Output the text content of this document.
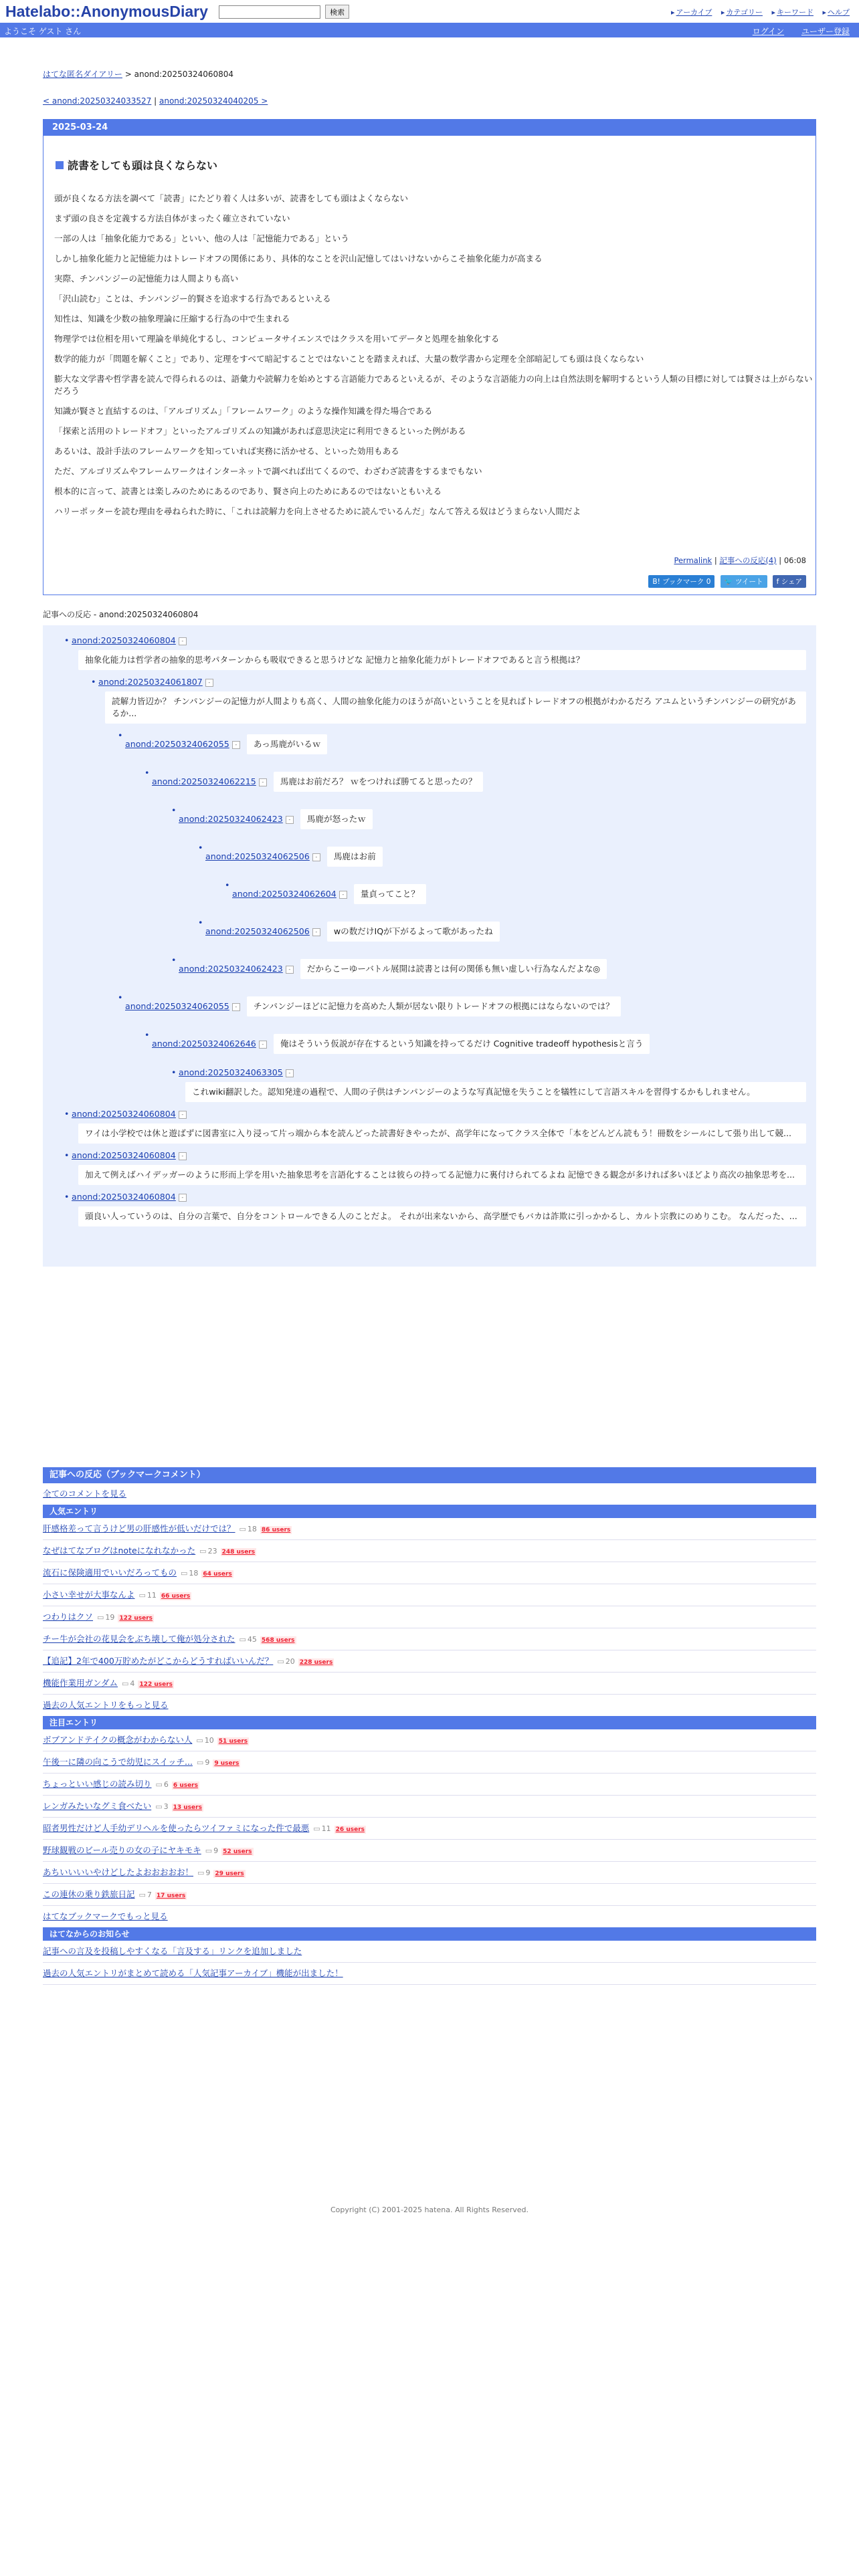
Hatelabo::AnonymousDiary	検索	▸ アーカイブ ▸ カテゴリー ▸ キーワード ▸ ヘルプ
ようこそ ゲスト さん	ログイン ユーザー登録
はてな匿名ダイアリー > anond:20250324060804
< anond:20250324033527 | anond:20250324040205 >
2025-03-24
読書をしても頭は良くならない

頭が良くなる方法を調べて「読書」にたどり着く人は多いが、読書をしても頭はよくならない

まず頭の良さを定義する方法自体がまったく確立されていない

一部の人は「抽象化能力である」といい、他の人は「記憶能力である」という

しかし抽象化能力と記憶能力はトレードオフの関係にあり、具体的なことを沢山記憶してはいけないからこそ抽象化能力が高まる

実際、チンパンジーの記憶能力は人間よりも高い

「沢山読む」ことは、チンパンジー的賢さを追求する行為であるといえる

知性は、知識を少数の抽象理論に圧縮する行為の中で生まれる

物理学では位相を用いて理論を単純化するし、コンピュータサイエンスではクラスを用いてデータと処理を抽象化する

数学的能力が「問題を解くこと」であり、定理をすべて暗記することではないことを踏まえれば、大量の数学書から定理を全部暗記しても頭は良くならない

膨大な文学書や哲学書を読んで得られるのは、語彙力や読解力を始めとする言語能力であるといえるが、そのような言語能力の向上は自然法則を解明するという人類の目標に対しては賢さは上がらないだろう

知識が賢さと直結するのは、「アルゴリズム」「フレームワーク」のような操作知識を得た場合である

「探索と活用のトレードオフ」といったアルゴリズムの知識があれば意思決定に利用できるといった例がある

あるいは、設計手法のフレームワークを知っていれば実務に活かせる、といった効用もある

ただ、アルゴリズムやフレームワークはインターネットで調べれば出てくるので、わざわざ読書をするまでもない

根本的に言って、読書とは楽しみのためにあるのであり、賢さ向上のためにあるのではないともいえる

ハリーポッターを読む理由を尋ねられた時に、「これは読解力を向上させるために読んでいるんだ」なんて答える奴はどうまらない人間だよ

Permalink | 記事への反応(4) | 06:08
B! ブックマーク 0 🐦 ツイート f シェア
記事への反応 - anond:20250324060804
• anond:20250324060804 -
抽象化能力は哲学者の抽象的思考パターンからも吸収できると思うけどな 記憶力と抽象化能力がトレードオフであると言う根拠は？
• anond:20250324061807 -
読解力皆辺か？ チンパンジーの記憶力が人間よりも高く、人間の抽象化能力のほうが高いということを見ればトレードオフの根拠がわかるだろ アユムというチンパンジーの研究があるか...
• anond:20250324062055 - あっ馬鹿がいるｗ
• anond:20250324062215 - 馬鹿はお前だろ？ ｗをつければ勝てると思ったの？
• anond:20250324062423 - 馬鹿が怒ったｗ
• anond:20250324062506 - 馬鹿はお前
• anond:20250324062604 - 量貞ってこと？
• anond:20250324062506 - wの数だけIQが下がるよって歌があったね
• anond:20250324062423 - だからこーゆーバトル展開は読書とは何の関係も無い虚しい行為なんだよな◎
• anond:20250324062055 - チンパンジーほどに記憶力を高めた人類が居ない限りトレードオフの根拠にはならないのでは？
• anond:20250324062646 - 俺はそういう仮説が存在するという知識を持ってるだけ Cognitive tradeoff hypothesisと言う
• anond:20250324063305 -
これwiki翻訳した。認知発達の過程で、人間の子供はチンパンジーのような写真記憶を失うことを犠牲にして言語スキルを習得するかもしれません。
• anond:20250324060804 -
ワイは小学校では休と遊ばずに図書室に入り浸って片っ端から本を読んどった読書好きやったが、高学年になってクラス全体で「本をどんどん読もう！冊数をシールにして張り出して競...
• anond:20250324060804 -
加えて例えばハイデッガーのように形而上学を用いた抽象思考を言語化することは彼らの持ってる記憶力に裏付けられてるよね 記憶できる観念が多ければ多いほどより高次の抽象思考を...
• anond:20250324060804 -
頭良い人っていうのは、自分の言葉で、自分をコントロールできる人のことだよ。 それが出来ないから、高学歴でもバカは詐欺に引っかかるし、カルト宗教にのめりこむ。 なんだった、...
記事への反応（ブックマークコメント）
全てのコメントを見る
人気エントリ
肝感格差って言うけど男の肝感性が低いだけでは？ ▭ 18 86 users
なぜはてなブログはnoteになれなかった ▭ 23 248 users
流石に保険適用でいいだろってもの ▭ 18 64 users
小さい幸せが大事なんよ ▭ 11 66 users
つわりはクソ ▭ 19 122 users
チー牛が会社の花見会をぶち壊して俺が処分された ▭ 45 568 users
【追記】2年で400万貯めたがどこからどうすればいいんだ？ ▭ 20 228 users
機能作業用ガンダム ▭ 4 122 users
過去の人気エントリをもっと見る
注目エントリ
ボブアンドテイクの概念がわからない人 ▭ 10 51 users
午後一に隣の向こうで幼児にスイッチ... ▭ 9 9 users
ちょっといい感じの読み切り ▭ 6 6 users
レンガみたいなグミ食べたい ▭ 3 13 users
昭者男性だけど人手幼デリヘルを使ったらツイファミになった件で最悪 ▭ 11 26 users
野球観戦のビール売りの女の子にヤキモキ ▭ 9 52 users
あちいいいいやけどしたよおおおおお！ ▭ 9 29 users
この連休の乗り鉄旅日記 ▭ 7 17 users
はてなブックマークでもっと見る
はてなからのお知らせ
記事への言及を投稿しやすくなる「言及する」リンクを追加しました
過去の人気エントリがまとめて読める「人気記事アーカイブ」機能が出ました！
Copyright (C) 2001-2025 hatena. All Rights Reserved.
